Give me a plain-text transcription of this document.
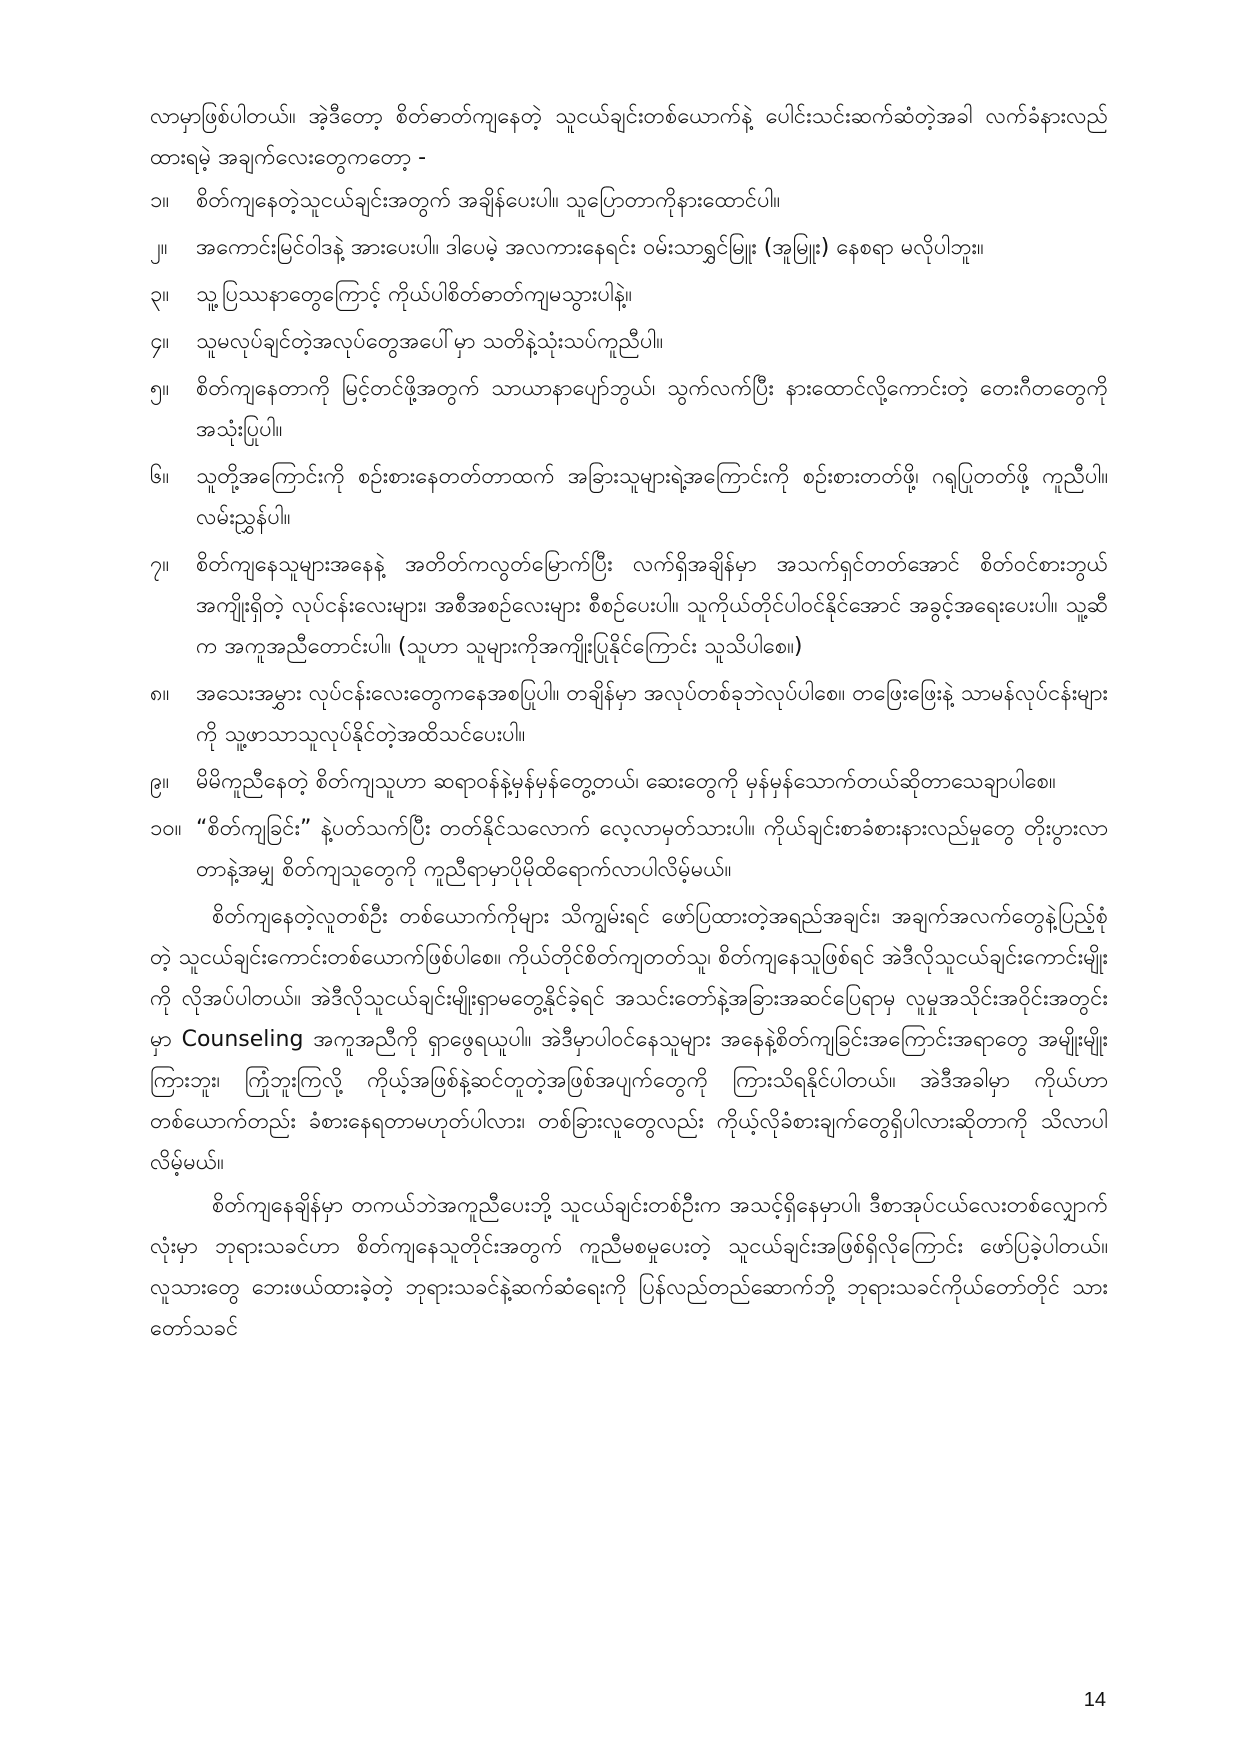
လာမှာဖြစ်ပါတယ်။ အဲ့ဒီတော့ စိတ်ဓာတ်ကျနေတဲ့ သူငယ်ချင်းတစ်ယောက်နဲ့ ပေါင်းသင်းဆက်ဆံတဲ့အခါ လက်ခံနားလည်ထားရမဲ့ အချက်လေးတွေကတော့ -

၁။ စိတ်ကျနေတဲ့သူငယ်ချင်းအတွက် အချိန်ပေးပါ။ သူပြောတာကိုနားထောင်ပါ။
၂။ အကောင်းမြင်ဝါဒနဲ့ အားပေးပါ။ ဒါပေမဲ့ အလကားနေရင်း ဝမ်းသာရွှင်မြူး (အူမြူး) နေစရာ မလိုပါဘူး။
၃။ သူ့ပြဿနာတွေကြောင့် ကိုယ်ပါစိတ်ဓာတ်ကျမသွားပါနဲ့။
၄။ သူမလုပ်ချင်တဲ့အလုပ်တွေအပေါ်မှာ သတိနဲ့သုံးသပ်ကူညီပါ။
၅။ စိတ်ကျနေတာကို မြင့်တင်ဖို့အတွက် သာယာနာပျော်ဘွယ်၊ သွက်လက်ပြီး နားထောင်လို့ကောင်းတဲ့ တေးဂီတတွေကို အသုံးပြုပါ။
၆။ သူတို့အကြောင်းကို စဉ်းစားနေတတ်တာထက် အခြားသူများရဲ့အကြောင်းကို စဉ်းစားတတ်ဖို့၊ ဂရုပြုတတ်ဖို့ ကူညီပါ။ လမ်းညွှန်ပါ။
၇။ စိတ်ကျနေသူများအနေနဲ့ အတိတ်ကလွတ်မြောက်ပြီး လက်ရှိအချိန်မှာ အသက်ရှင်တတ်အောင် စိတ်ဝင်စားဘွယ် အကျိုးရှိတဲ့ လုပ်ငန်းလေးများ၊ အစီအစဉ်လေးများ စီစဉ်ပေးပါ။ သူကိုယ်တိုင်ပါဝင်နိုင်အောင် အခွင့်အရေးပေးပါ။ သူ့ဆီက အကူအညီတောင်းပါ။ (သူဟာ သူများကိုအကျိုးပြုနိုင်ကြောင်း သူသိပါစေ။)
၈။ အသေးအမွှား လုပ်ငန်းလေးတွေကနေအစပြုပါ။ တချိန်မှာ အလုပ်တစ်ခုဘဲလုပ်ပါစေ။ တဖြေးဖြေးနဲ့ သာမန်လုပ်ငန်းများကို သူ့ဖာသာသူလုပ်နိုင်တဲ့အထိသင်ပေးပါ။
၉။ မိမိကူညီနေတဲ့ စိတ်ကျသူဟာ ဆရာဝန်နဲ့မှန်မှန်တွေ့တယ်၊ ဆေးတွေကို မှန်မှန်သောက်တယ်ဆိုတာသေချာပါစေ။
၁၀။ “စိတ်ကျခြင်း” နဲ့ပတ်သက်ပြီး တတ်နိုင်သလောက် လေ့လာမှတ်သားပါ။ ကိုယ်ချင်းစာခံစားနားလည်မှုတွေ တိုးပွားလာတာနဲ့အမျှ စိတ်ကျသူတွေကို ကူညီရာမှာပိုမိုထိရောက်လာပါလိမ့်မယ်။

စိတ်ကျနေတဲ့လူတစ်ဦး တစ်ယောက်ကိုများ သိကျွမ်းရင် ဖော်ပြထားတဲ့အရည်အချင်း၊ အချက်အလက်တွေနဲ့ပြည့်စုံတဲ့ သူငယ်ချင်းကောင်းတစ်ယောက်ဖြစ်ပါစေ။ ကိုယ်တိုင်စိတ်ကျတတ်သူ၊ စိတ်ကျနေသူဖြစ်ရင် အဲဒီလိုသူငယ်ချင်းကောင်းမျိုးကို လိုအပ်ပါတယ်။ အဲဒီလိုသူငယ်ချင်းမျိုးရှာမတွေ့နိုင်ခဲ့ရင် အသင်းတော်နဲ့အခြားအဆင်ပြေရာမှ လူမှုအသိုင်းအဝိုင်းအတွင်းမှာ Counseling အကူအညီကို ရှာဖွေရယူပါ။ အဲဒီမှာပါဝင်နေသူများ အနေနဲ့စိတ်ကျခြင်းအကြောင်းအရာတွေ အမျိုးမျိုးကြားဘူး၊ ကြုံဘူးကြလို့ ကိုယ့်အဖြစ်နဲ့ဆင်တူတဲ့အဖြစ်အပျက်တွေကို ကြားသိရနိုင်ပါတယ်။ အဲဒီအခါမှာ ကိုယ်ဟာတစ်ယောက်တည်း ခံစားနေရတာမဟုတ်ပါလား၊ တစ်ခြားလူတွေလည်း ကိုယ့်လိုခံစားချက်တွေရှိပါလားဆိုတာကို သိလာပါလိမ့်မယ်။

စိတ်ကျနေချိန်မှာ တကယ်ဘဲအကူညီပေးဘို့ သူငယ်ချင်းတစ်ဦးက အသင့်ရှိနေမှာပါ၊ ဒီစာအုပ်ငယ်လေးတစ်လျှောက်လုံးမှာ ဘုရားသခင်ဟာ စိတ်ကျနေသူတိုင်းအတွက် ကူညီမစမှုပေးတဲ့ သူငယ်ချင်းအဖြစ်ရှိလိုကြောင်း ဖော်ပြခဲ့ပါတယ်။ လူသားတွေ ဘေးဖယ်ထားခဲ့တဲ့ ဘုရားသခင်နဲ့ဆက်ဆံရေးကို ပြန်လည်တည်ဆောက်ဘို့ ဘုရားသခင်ကိုယ်တော်တိုင် သားတော်သခင်

14
